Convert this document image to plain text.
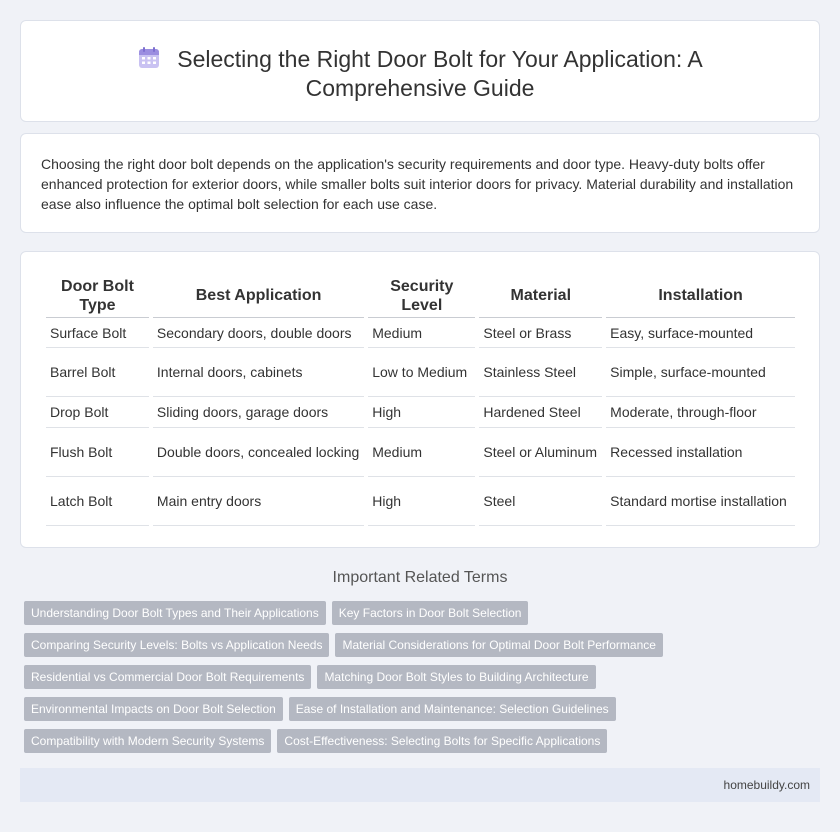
Selecting the Right Door Bolt for Your Application: A Comprehensive Guide

Choosing the right door bolt depends on the application's security requirements and door type. Heavy-duty bolts offer enhanced protection for exterior doors, while smaller bolts suit interior doors for privacy. Material durability and installation ease also influence the optimal bolt selection for each use case.

Door Bolt Type	Best Application	Security Level	Material	Installation
Surface Bolt	Secondary doors, double doors	Medium	Steel or Brass	Easy, surface-mounted
Barrel Bolt	Internal doors, cabinets	Low to Medium	Stainless Steel	Simple, surface-mounted
Drop Bolt	Sliding doors, garage doors	High	Hardened Steel	Moderate, through-floor
Flush Bolt	Double doors, concealed locking	Medium	Steel or Aluminum	Recessed installation
Latch Bolt	Main entry doors	High	Steel	Standard mortise installation
Important Related Terms
Understanding Door Bolt Types and Their Applications Key Factors in Door Bolt Selection
Comparing Security Levels: Bolts vs Application Needs Material Considerations for Optimal Door Bolt Performance
Residential vs Commercial Door Bolt Requirements Matching Door Bolt Styles to Building Architecture
Environmental Impacts on Door Bolt Selection Ease of Installation and Maintenance: Selection Guidelines
Compatibility with Modern Security Systems Cost-Effectiveness: Selecting Bolts for Specific Applications
homebuildy.com
